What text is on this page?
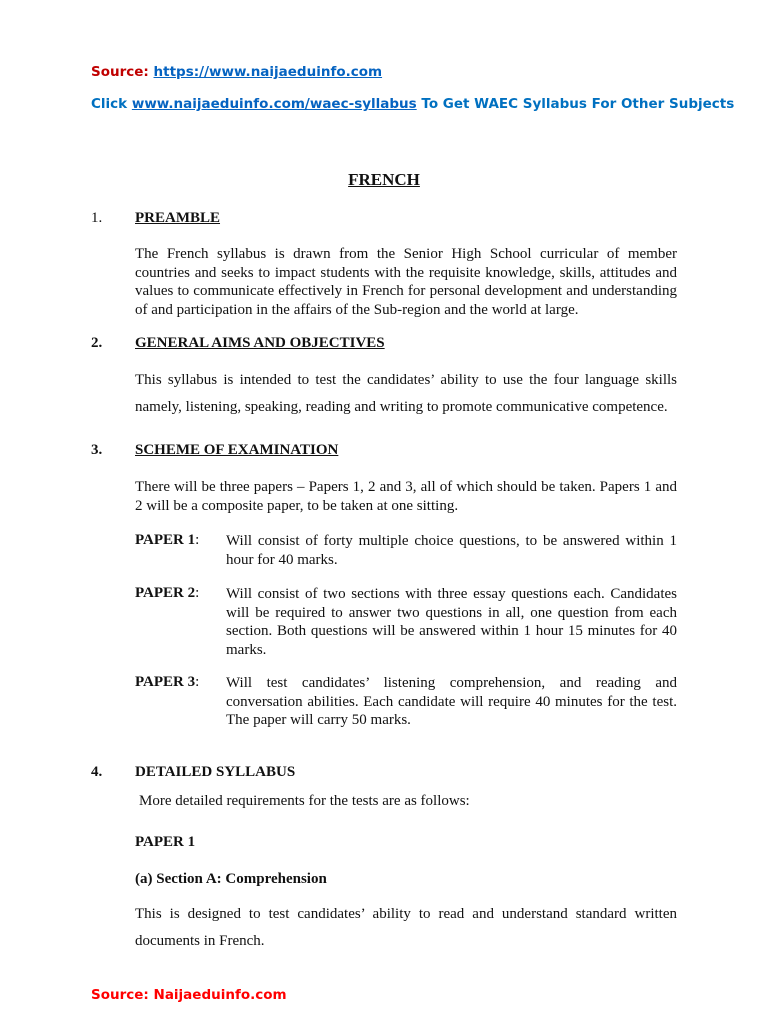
Source: https://www.naijaeduinfo.com
Click www.naijaeduinfo.com/waec-syllabus To Get WAEC Syllabus For Other Subjects
FRENCH
1. PREAMBLE
The French syllabus is drawn from the Senior High School curricular of member countries and seeks to impact students with the requisite knowledge, skills, attitudes and values to communicate effectively in French for personal development and understanding of and participation in the affairs of the Sub-region and the world at large.
2. GENERAL AIMS AND OBJECTIVES
This syllabus is intended to test the candidates’ ability to use the four language skills namely, listening, speaking, reading and writing to promote communicative competence.
3. SCHEME OF EXAMINATION
There will be three papers – Papers 1, 2 and 3, all of which should be taken. Papers 1 and 2 will be a composite paper, to be taken at one sitting.
PAPER 1: Will consist of forty multiple choice questions, to be answered within 1 hour for 40 marks.
PAPER 2: Will consist of two sections with three essay questions each. Candidates will be required to answer two questions in all, one question from each section. Both questions will be answered within 1 hour 15 minutes for 40 marks.
PAPER 3: Will test candidates’ listening comprehension, and reading and conversation abilities. Each candidate will require 40 minutes for the test. The paper will carry 50 marks.
4. DETAILED SYLLABUS
More detailed requirements for the tests are as follows:
PAPER 1
(a) Section A: Comprehension
This is designed to test candidates’ ability to read and understand standard written documents in French.
Source: Naijaeduinfo.com
